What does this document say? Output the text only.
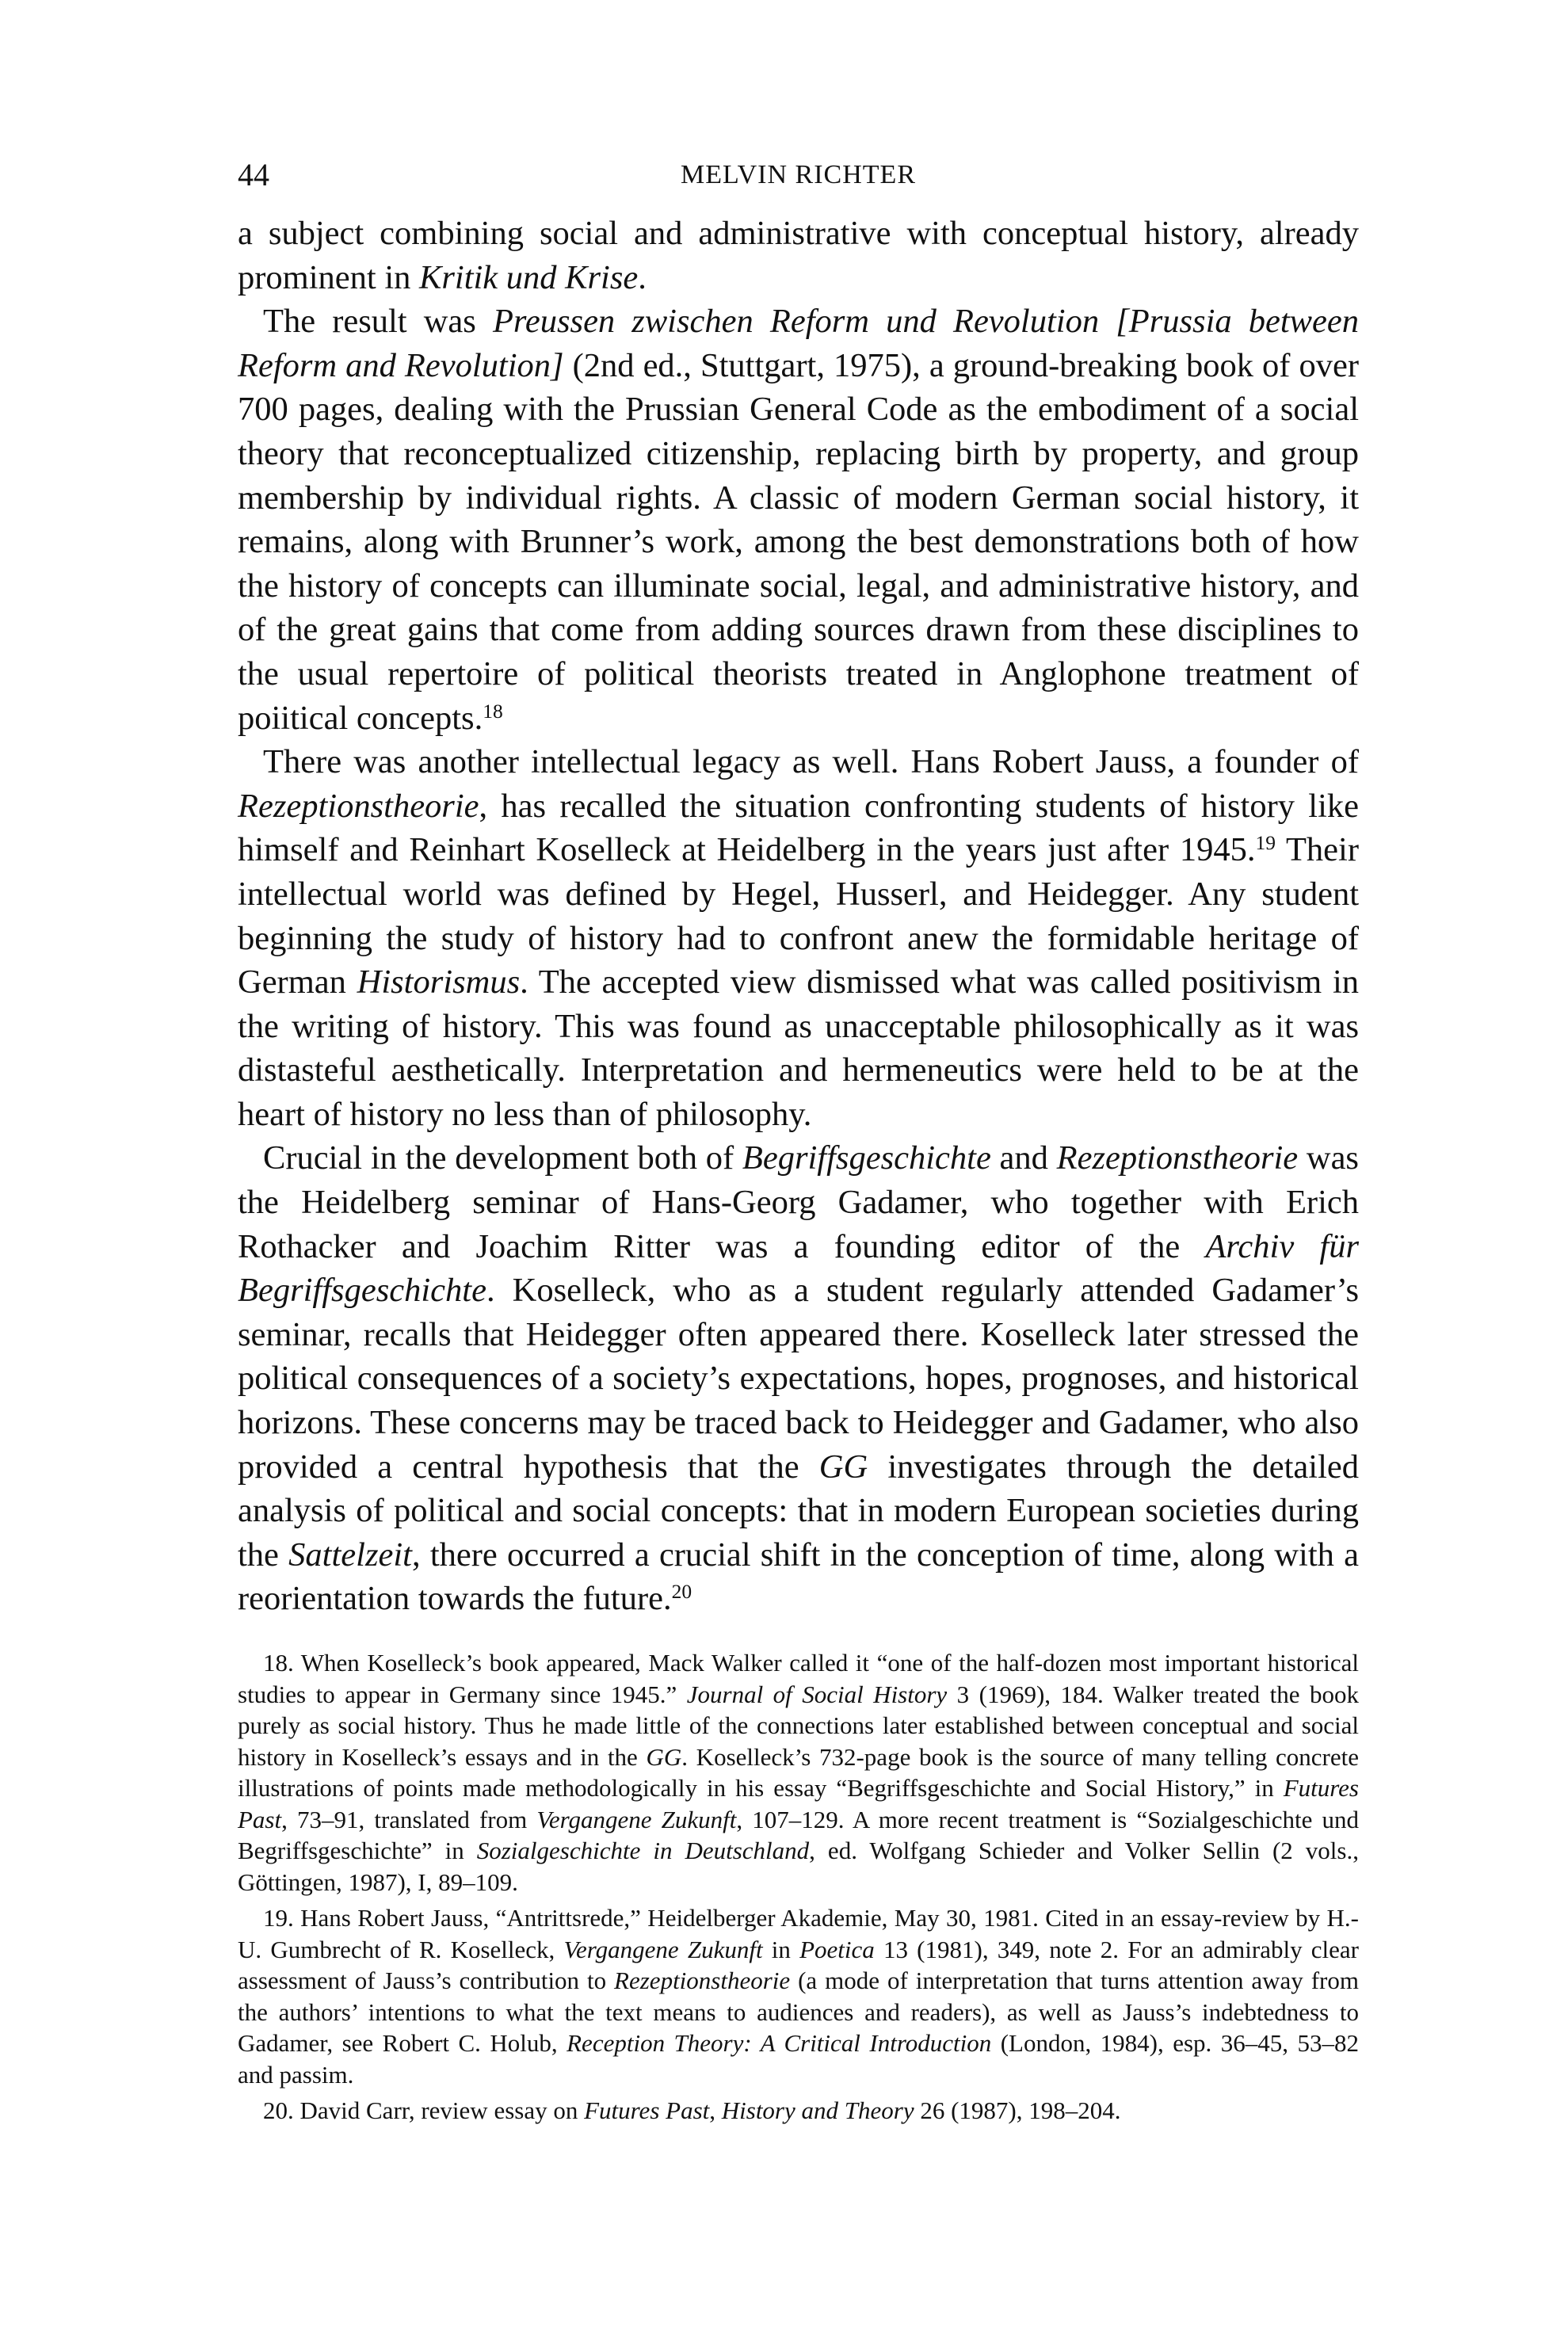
44	MELVIN RICHTER

a subject combining social and administrative with conceptual history, already prominent in Kritik und Krise.

The result was Preussen zwischen Reform und Revolution [Prussia between Reform and Revolution] (2nd ed., Stuttgart, 1975), a ground-breaking book of over 700 pages, dealing with the Prussian General Code as the embodiment of a social theory that reconceptualized citizenship, replacing birth by property, and group membership by individual rights. A classic of modern German social history, it remains, along with Brunner’s work, among the best demonstrations both of how the history of concepts can illuminate social, legal, and administrative history, and of the great gains that come from adding sources drawn from these disciplines to the usual repertoire of political theorists treated in Anglophone treatment of poiitical concepts.$^{18}$

There was another intellectual legacy as well. Hans Robert Jauss, a founder of Rezeptionstheorie, has recalled the situation confronting students of history like himself and Reinhart Koselleck at Heidelberg in the years just after 1945.19 Their intellectual world was defined by Hegel, Husserl, and Heidegger. Any student beginning the study of history had to confront anew the formidable heritage of German Historismus. The accepted view dismissed what was called positivism in the writing of history. This was found as unacceptable philosophically as it was distasteful aesthetically. Interpretation and hermeneutics were held to be at the heart of history no less than of philosophy.

Crucial in the development both of Begriffsgeschichte and Rezeptionstheorie was the Heidelberg seminar of Hans-Georg Gadamer, who together with Erich Rothacker and Joachim Ritter was a founding editor of the Archiv für Begriffsgeschichte. Koselleck, who as a student regularly attended Gadamer’s seminar, recalls that Heidegger often appeared there. Koselleck later stressed the political consequences of a society’s expectations, hopes, prognoses, and historical horizons. These concerns may be traced back to Heidegger and Gadamer, who also provided a central hypothesis that the GG investigates through the detailed analysis of political and social concepts: that in modern European societies during the Sattelzeit, there occurred a crucial shift in the conception of time, along with a reorientation towards the future.$^{20}$

18. When Koselleck’s book appeared, Mack Walker called it “one of the half-dozen most important historical studies to appear in Germany since 1945.” Journal of Social History 3 (1969), 184. Walker treated the book purely as social history. Thus he made little of the connections later established between conceptual and social history in Koselleck’s essays and in the GG. Koselleck’s 732-page book is the source of many telling concrete illustrations of points made methodologically in his essay “Begriffsgeschichte and Social History,” in Futures Past, 73–91, translated from Vergangene Zukunft, 107–129. A more recent treatment is “Sozialgeschichte und Begriffsgeschichte” in Sozialgeschichte in Deutschland, ed. Wolfgang Schieder and Volker Sellin (2 vols., Göttingen, 1987), I, 89–109.

19. Hans Robert Jauss, “Antrittsrede,” Heidelberger Akademie, May 30, 1981. Cited in an essay-review by H.-U. Gumbrecht of R. Koselleck, Vergangene Zukunft in Poetica 13 (1981), 349, note 2. For an admirably clear assessment of Jauss’s contribution to Rezeptionstheorie (a mode of interpretation that turns attention away from the authors’ intentions to what the text means to audiences and readers), as well as Jauss’s indebtedness to Gadamer, see Robert C. Holub, Reception Theory: A Critical Introduction (London, 1984), esp. 36–45, 53–82 and passim.

20. David Carr, review essay on Futures Past, History and Theory 26 (1987), 198–204.
